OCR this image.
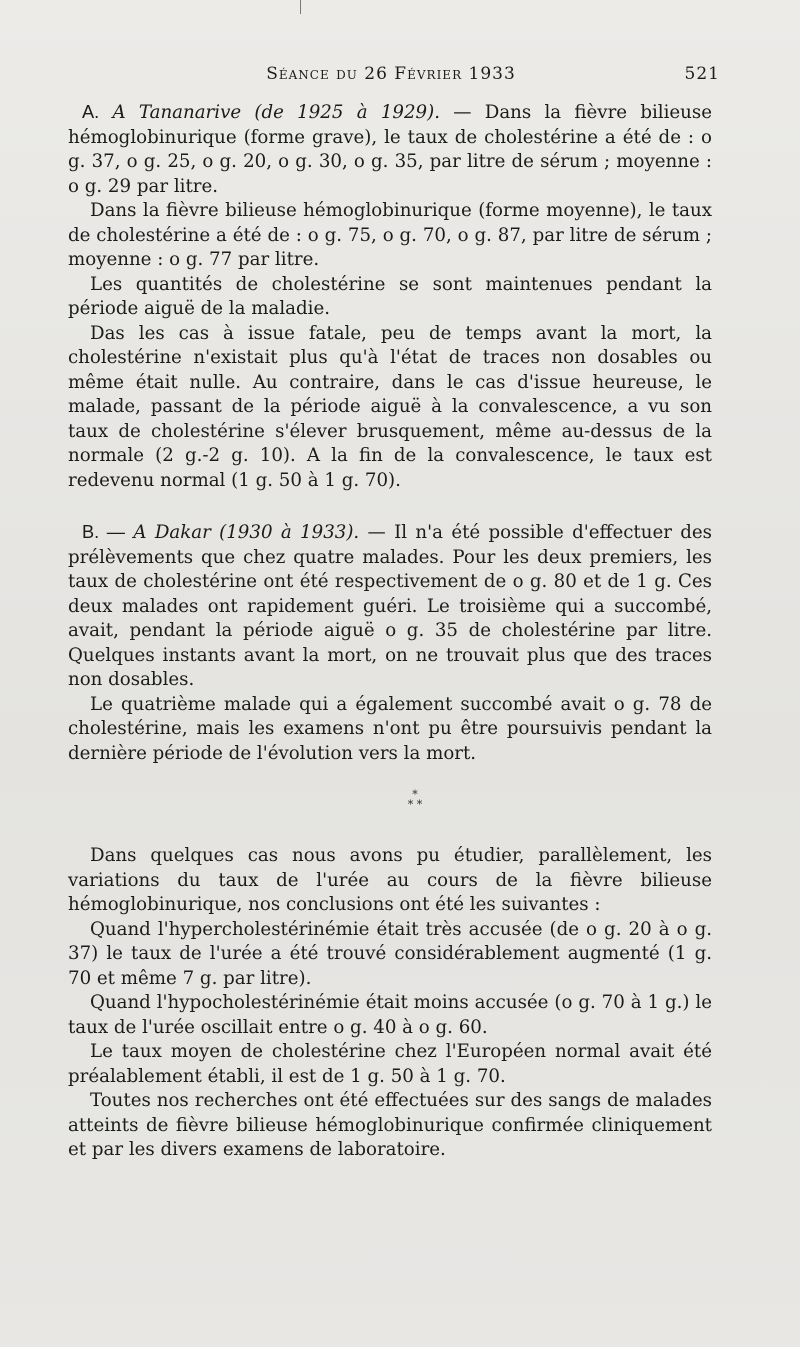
Séance du 26 Février 1933	521

A. A Tananarive (de 1925 à 1929). — Dans la fièvre bilieuse hémoglobinurique (forme grave), le taux de cholestérine a été de : o g. 37, o g. 25, o g. 20, o g. 30, o g. 35, par litre de sérum ; moyenne : o g. 29 par litre.

Dans la fièvre bilieuse hémoglobinurique (forme moyenne), le taux de cholestérine a été de : o g. 75, o g. 70, o g. 87, par litre de sérum ; moyenne : o g. 77 par litre.

Les quantités de cholestérine se sont maintenues pendant la période aiguë de la maladie.

Das les cas à issue fatale, peu de temps avant la mort, la cholestérine n'existait plus qu'à l'état de traces non dosables ou même était nulle. Au contraire, dans le cas d'issue heureuse, le malade, passant de la période aiguë à la convalescence, a vu son taux de cholestérine s'élever brusquement, même au-dessus de la normale (2 g.-2 g. 10). A la fin de la convalescence, le taux est redevenu normal (1 g. 50 à 1 g. 70).

B. — A Dakar (1930 à 1933). — Il n'a été possible d'effectuer des prélèvements que chez quatre malades. Pour les deux premiers, les taux de cholestérine ont été respectivement de o g. 80 et de 1 g. Ces deux malades ont rapidement guéri. Le troisième qui a succombé, avait, pendant la période aiguë o g. 35 de cholestérine par litre. Quelques instants avant la mort, on ne trouvait plus que des traces non dosables.

Le quatrième malade qui a également succombé avait o g. 78 de cholestérine, mais les examens n'ont pu être poursuivis pendant la dernière période de l'évolution vers la mort.

*
* *

Dans quelques cas nous avons pu étudier, parallèlement, les variations du taux de l'urée au cours de la fièvre bilieuse hémoglobinurique, nos conclusions ont été les suivantes :

Quand l'hypercholestérinémie était très accusée (de o g. 20 à o g. 37) le taux de l'urée a été trouvé considérablement augmenté (1 g. 70 et même 7 g. par litre).

Quand l'hypocholestérinémie était moins accusée (o g. 70 à 1 g.) le taux de l'urée oscillait entre o g. 40 à o g. 60.

Le taux moyen de cholestérine chez l'Européen normal avait été préalablement établi, il est de 1 g. 50 à 1 g. 70.

Toutes nos recherches ont été effectuées sur des sangs de malades atteints de fièvre bilieuse hémoglobinurique confirmée cliniquement et par les divers examens de laboratoire.
